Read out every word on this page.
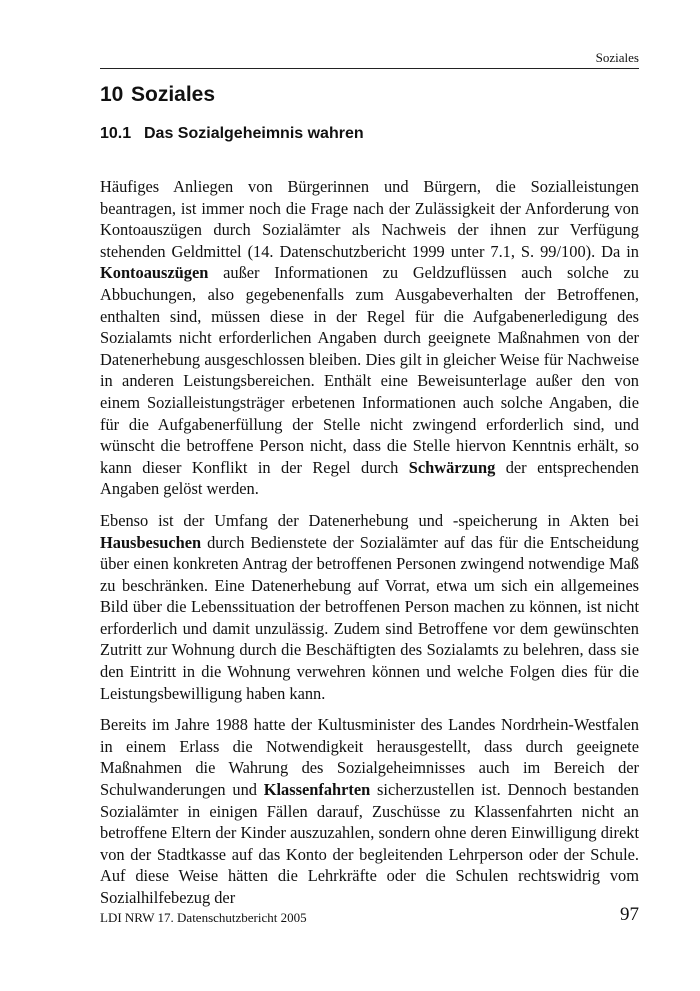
Soziales
10 Soziales
10.1 Das Sozialgeheimnis wahren

Häufiges Anliegen von Bürgerinnen und Bürgern, die Sozialleistungen beantragen, ist immer noch die Frage nach der Zulässigkeit der Anforderung von Kontoauszügen durch Sozialämter als Nachweis der ihnen zur Verfügung stehenden Geldmittel (14. Datenschutzbericht 1999 unter 7.1, S. 99/100). Da in Kontoauszügen außer Informationen zu Geldzuflüssen auch solche zu Abbuchungen, also gegebenenfalls zum Ausgabeverhalten der Betroffenen, enthalten sind, müssen diese in der Regel für die Aufgabenerledigung des Sozialamts nicht erforderlichen Angaben durch geeignete Maßnahmen von der Datenerhebung ausgeschlossen bleiben. Dies gilt in gleicher Weise für Nachweise in anderen Leistungsbereichen. Enthält eine Beweisunterlage außer den von einem Sozialleistungsträger erbetenen Informationen auch solche Angaben, die für die Aufgabenerfüllung der Stelle nicht zwingend erforderlich sind, und wünscht die betroffene Person nicht, dass die Stelle hiervon Kenntnis erhält, so kann dieser Konflikt in der Regel durch Schwärzung der entsprechenden Angaben gelöst werden.

Ebenso ist der Umfang der Datenerhebung und -speicherung in Akten bei Hausbesuchen durch Bedienstete der Sozialämter auf das für die Entscheidung über einen konkreten Antrag der betroffenen Personen zwingend notwendige Maß zu beschränken. Eine Datenerhebung auf Vorrat, etwa um sich ein allgemeines Bild über die Lebenssituation der betroffenen Person machen zu können, ist nicht erforderlich und damit unzulässig. Zudem sind Betroffene vor dem gewünschten Zutritt zur Wohnung durch die Beschäftigten des Sozialamts zu belehren, dass sie den Eintritt in die Wohnung verwehren können und welche Folgen dies für die Leistungsbewilligung haben kann.

Bereits im Jahre 1988 hatte der Kultusminister des Landes Nordrhein-Westfalen in einem Erlass die Notwendigkeit herausgestellt, dass durch geeignete Maßnahmen die Wahrung des Sozialgeheimnisses auch im Bereich der Schulwanderungen und Klassenfahrten sicherzustellen ist. Dennoch bestanden Sozialämter in einigen Fällen darauf, Zuschüsse zu Klassenfahrten nicht an betroffene Eltern der Kinder auszuzahlen, sondern ohne deren Einwilligung direkt von der Stadtkasse auf das Konto der begleitenden Lehrperson oder der Schule. Auf diese Weise hätten die Lehrkräfte oder die Schulen rechtswidrig vom Sozialhilfebezug der

LDI NRW 17. Datenschutzbericht 2005	97
